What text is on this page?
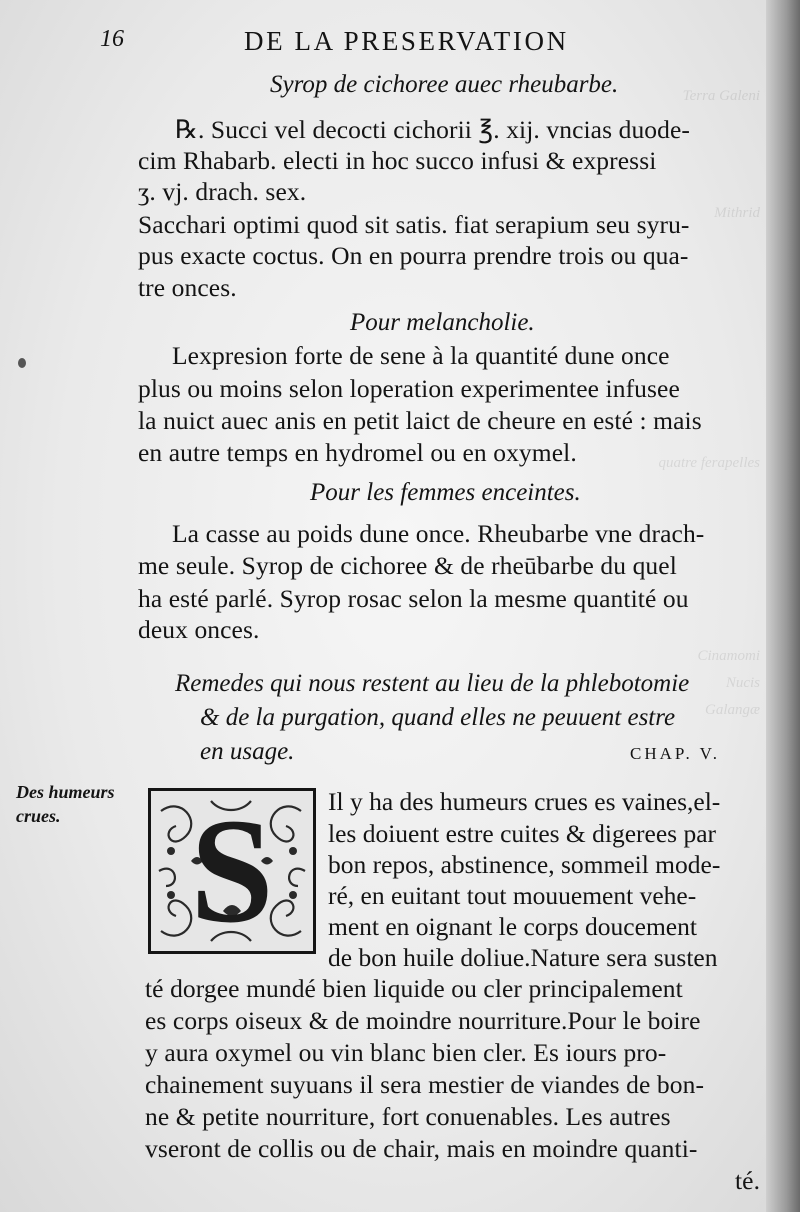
Terra Galeni
Mithrid
quatre ferapelles
Cinamomi
Nucis
Galangæ
16	DE LA PRESERVATION
Syrop de cichoree auec rheubarbe.
℞. Succi vel decocti cichorii ℥. xij. vncias duode-
cim Rhabarb. electi in hoc succo infusi & expressi
ʒ. vj. drach. sex.
Sacchari optimi quod sit satis. fiat serapium seu syru-
pus exacte coctus. On en pourra prendre trois ou qua-
tre onces.
Pour melancholie.
Lexpresion forte de sene à la quantité dune once
plus ou moins selon loperation experimentee infusee
la nuict auec anis en petit laict de cheure en esté : mais
en autre temps en hydromel ou en oxymel.
Pour les femmes enceintes.
La casse au poids dune once. Rheubarbe vne drach-
me seule. Syrop de cichoree & de rheūbarbe du quel
ha esté parlé. Syrop rosac selon la mesme quantité ou
deux onces.
Remedes qui nous restent au lieu de la phlebotomie
& de la purgation, quand elles ne peuuent estre
en usage.	CHAP. V.
Des humeurs
crues. S	Il y ha des humeurs crues es vaines,el-
les doiuent estre cuites & digerees par
bon repos, abstinence, sommeil mode-
ré, en euitant tout mouuement vehe-
ment en oignant le corps doucement
de bon huile doliue.Nature sera susten
té dorgee mundé bien liquide ou cler principalement
es corps oiseux & de moindre nourriture.Pour le boire
y aura oxymel ou vin blanc bien cler. Es iours pro-
chainement suyuans il sera mestier de viandes de bon-
ne & petite nourriture, fort conuenables. Les autres
vseront de collis ou de chair, mais en moindre quanti-
té.
